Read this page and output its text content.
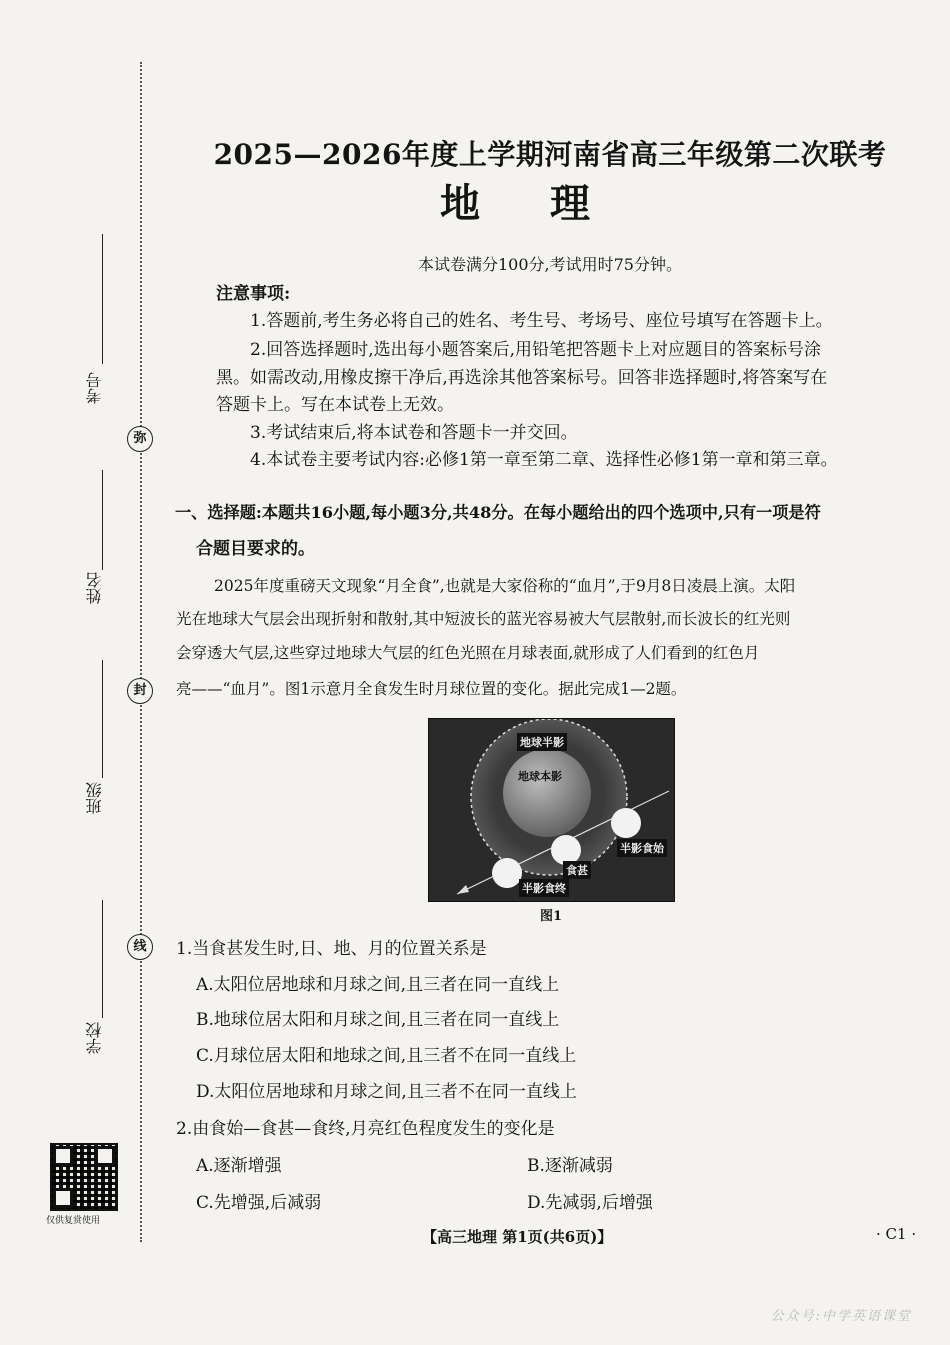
弥
封
线
考号
姓名
班级
学校
仅供复赏使用
2025—2026年度上学期河南省高三年级第二次联考
地理
本试卷满分100分,考试用时75分钟。
注意事项:
1.答题前,考生务必将自己的姓名、考生号、考场号、座位号填写在答题卡上。
2.回答选择题时,选出每小题答案后,用铅笔把答题卡上对应题目的答案标号涂
黑。如需改动,用橡皮擦干净后,再选涂其他答案标号。回答非选择题时,将答案写在
答题卡上。写在本试卷上无效。
3.考试结束后,将本试卷和答题卡一并交回。
4.本试卷主要考试内容:必修1第一章至第二章、选择性必修1第一章和第三章。
一、选择题:本题共16小题,每小题3分,共48分。在每小题给出的四个选项中,只有一项是符
合题目要求的。
2025年度重磅天文现象“月全食”,也就是大家俗称的“血月”,于9月8日凌晨上演。太阳
光在地球大气层会出现折射和散射,其中短波长的蓝光容易被大气层散射,而长波长的红光则
会穿透大气层,这些穿过地球大气层的红色光照在月球表面,就形成了人们看到的红色月
亮——“血月”。图1示意月全食发生时月球位置的变化。据此完成1—2题。
地球半影
地球本影
半影食始
食甚
半影食终
图1
1.当食甚发生时,日、地、月的位置关系是
A.太阳位居地球和月球之间,且三者在同一直线上
B.地球位居太阳和月球之间,且三者在同一直线上
C.月球位居太阳和地球之间,且三者不在同一直线上
D.太阳位居地球和月球之间,且三者不在同一直线上
2.由食始—食甚—食终,月亮红色程度发生的变化是
A.逐渐增强	B.逐渐减弱
C.先增强,后减弱	D.先减弱,后增强
【高三地理 第1页(共6页)】	· C1 ·
公众号:中学英语课堂
